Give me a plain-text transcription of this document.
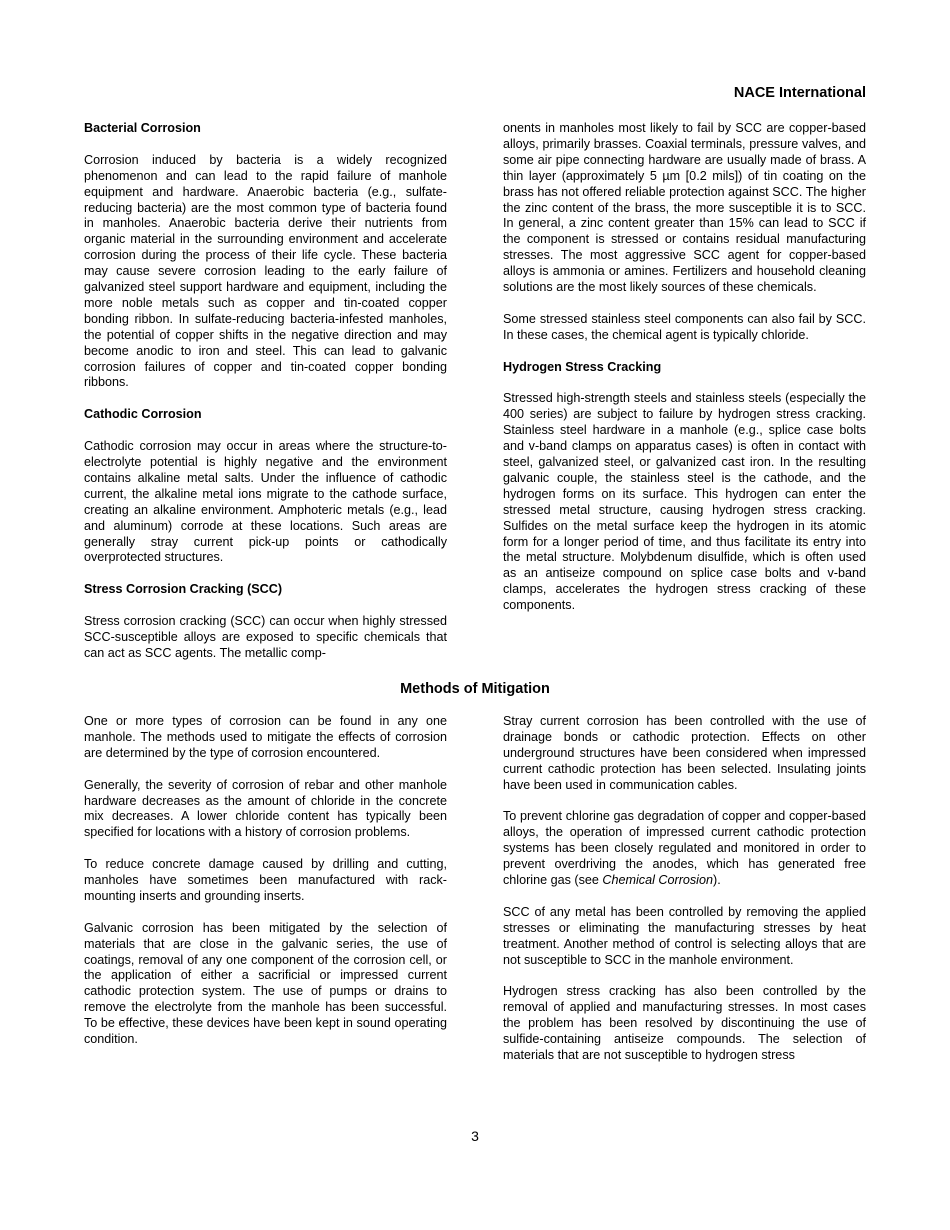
NACE International
Bacterial Corrosion

Corrosion induced by bacteria is a widely recognized phenomenon and can lead to the rapid failure of manhole equipment and hardware. Anaerobic bacteria (e.g., sulfate-reducing bacteria) are the most common type of bacteria found in manholes. Anaerobic bacteria derive their nutrients from organic material in the surrounding environment and accelerate corrosion during the process of their life cycle. These bacteria may cause severe corrosion leading to the early failure of galvanized steel support hardware and equipment, including the more noble metals such as copper and tin-coated copper bonding ribbon. In sulfate-reducing bacteria-infested manholes, the potential of copper shifts in the negative direction and may become anodic to iron and steel. This can lead to galvanic corrosion failures of copper and tin-coated copper bonding ribbons.

Cathodic Corrosion

Cathodic corrosion may occur in areas where the structure-to-electrolyte potential is highly negative and the environment contains alkaline metal salts. Under the influence of cathodic current, the alkaline metal ions migrate to the cathode surface, creating an alkaline environment. Amphoteric metals (e.g., lead and aluminum) corrode at these locations. Such areas are generally stray current pick-up points or cathodically overprotected structures.

Stress Corrosion Cracking (SCC)

Stress corrosion cracking (SCC) can occur when highly stressed SCC-susceptible alloys are exposed to specific chemicals that can act as SCC agents. The metallic comp-

onents in manholes most likely to fail by SCC are copper-based alloys, primarily brasses. Coaxial terminals, pressure valves, and some air pipe connecting hardware are usually made of brass. A thin layer (approximately 5 µm [0.2 mils]) of tin coating on the brass has not offered reliable protection against SCC. The higher the zinc content of the brass, the more susceptible it is to SCC. In general, a zinc content greater than 15% can lead to SCC if the component is stressed or contains residual manufacturing stresses. The most aggressive SCC agent for copper-based alloys is ammonia or amines. Fertilizers and household cleaning solutions are the most likely sources of these chemicals.

Some stressed stainless steel components can also fail by SCC. In these cases, the chemical agent is typically chloride.

Hydrogen Stress Cracking

Stressed high-strength steels and stainless steels (especially the 400 series) are subject to failure by hydrogen stress cracking. Stainless steel hardware in a manhole (e.g., splice case bolts and v-band clamps on apparatus cases) is often in contact with steel, galvanized steel, or galvanized cast iron. In the resulting galvanic couple, the stainless steel is the cathode, and the hydrogen forms on its surface. This hydrogen can enter the stressed metal structure, causing hydrogen stress cracking. Sulfides on the metal surface keep the hydrogen in its atomic form for a longer period of time, and thus facilitate its entry into the metal structure. Molybdenum disulfide, which is often used as an antiseize compound on splice case bolts and v-band clamps, accelerates the hydrogen stress cracking of these components.

Methods of Mitigation

One or more types of corrosion can be found in any one manhole. The methods used to mitigate the effects of corrosion are determined by the type of corrosion encountered.

Generally, the severity of corrosion of rebar and other manhole hardware decreases as the amount of chloride in the concrete mix decreases. A lower chloride content has typically been specified for locations with a history of corrosion problems.

To reduce concrete damage caused by drilling and cutting, manholes have sometimes been manufactured with rack-mounting inserts and grounding inserts.

Galvanic corrosion has been mitigated by the selection of materials that are close in the galvanic series, the use of coatings, removal of any one component of the corrosion cell, or the application of either a sacrificial or impressed current cathodic protection system. The use of pumps or drains to remove the electrolyte from the manhole has been successful. To be effective, these devices have been kept in sound operating condition.

Stray current corrosion has been controlled with the use of drainage bonds or cathodic protection. Effects on other underground structures have been considered when impressed current cathodic protection has been selected. Insulating joints have been used in communication cables.

To prevent chlorine gas degradation of copper and copper-based alloys, the operation of impressed current cathodic protection systems has been closely regulated and monitored in order to prevent overdriving the anodes, which has generated free chlorine gas (see Chemical Corrosion).

SCC of any metal has been controlled by removing the applied stresses or eliminating the manufacturing stresses by heat treatment. Another method of control is selecting alloys that are not susceptible to SCC in the manhole environment.

Hydrogen stress cracking has also been controlled by the removal of applied and manufacturing stresses. In most cases the problem has been resolved by discontinuing the use of sulfide-containing antiseize compounds. The selection of materials that are not susceptible to hydrogen stress

3
